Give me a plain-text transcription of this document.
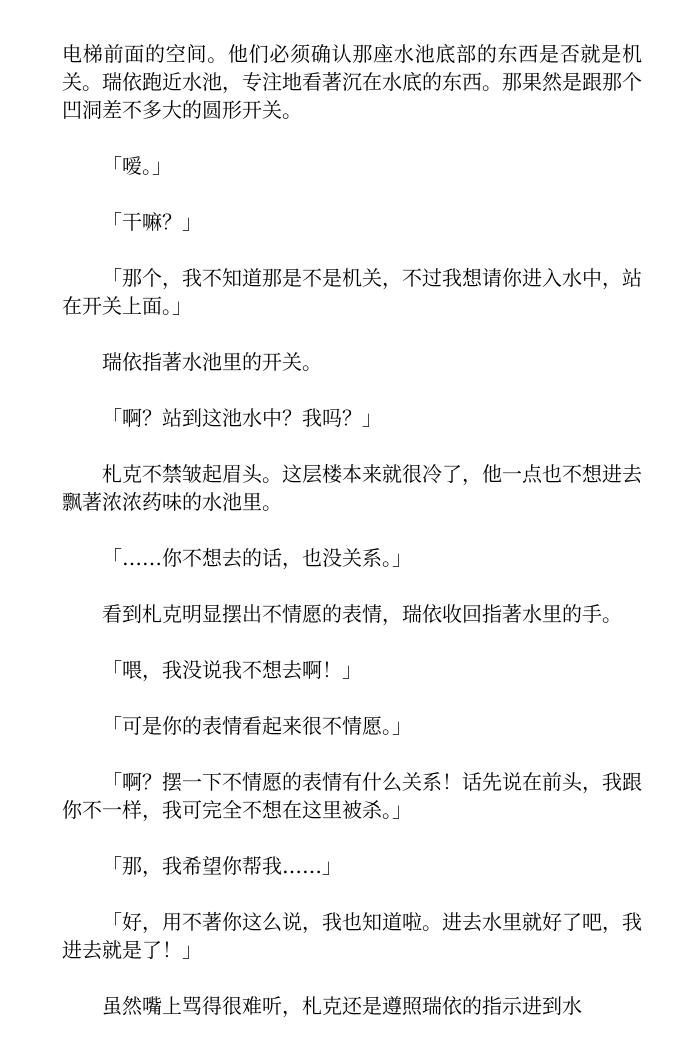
电梯前面的空间。他们必须确认那座水池底部的东西是否就是机关。瑞依跑近水池，专注地看著沉在水底的东西。那果然是跟那个凹洞差不多大的圆形开关。

「嗳。」

「干嘛？」

「那个，我不知道那是不是机关，不过我想请你进入水中，站在开关上面。」

瑞依指著水池里的开关。

「啊？站到这池水中？我吗？」

札克不禁皱起眉头。这层楼本来就很冷了，他一点也不想进去飘著浓浓药味的水池里。

「……你不想去的话，也没关系。」

看到札克明显摆出不情愿的表情，瑞依收回指著水里的手。

「喂，我没说我不想去啊！」

「可是你的表情看起来很不情愿。」

「啊？摆一下不情愿的表情有什么关系！话先说在前头，我跟你不一样，我可完全不想在这里被杀。」

「那，我希望你帮我……」

「好，用不著你这么说，我也知道啦。进去水里就好了吧，我进去就是了！」

虽然嘴上骂得很难听，札克还是遵照瑞依的指示进到水
